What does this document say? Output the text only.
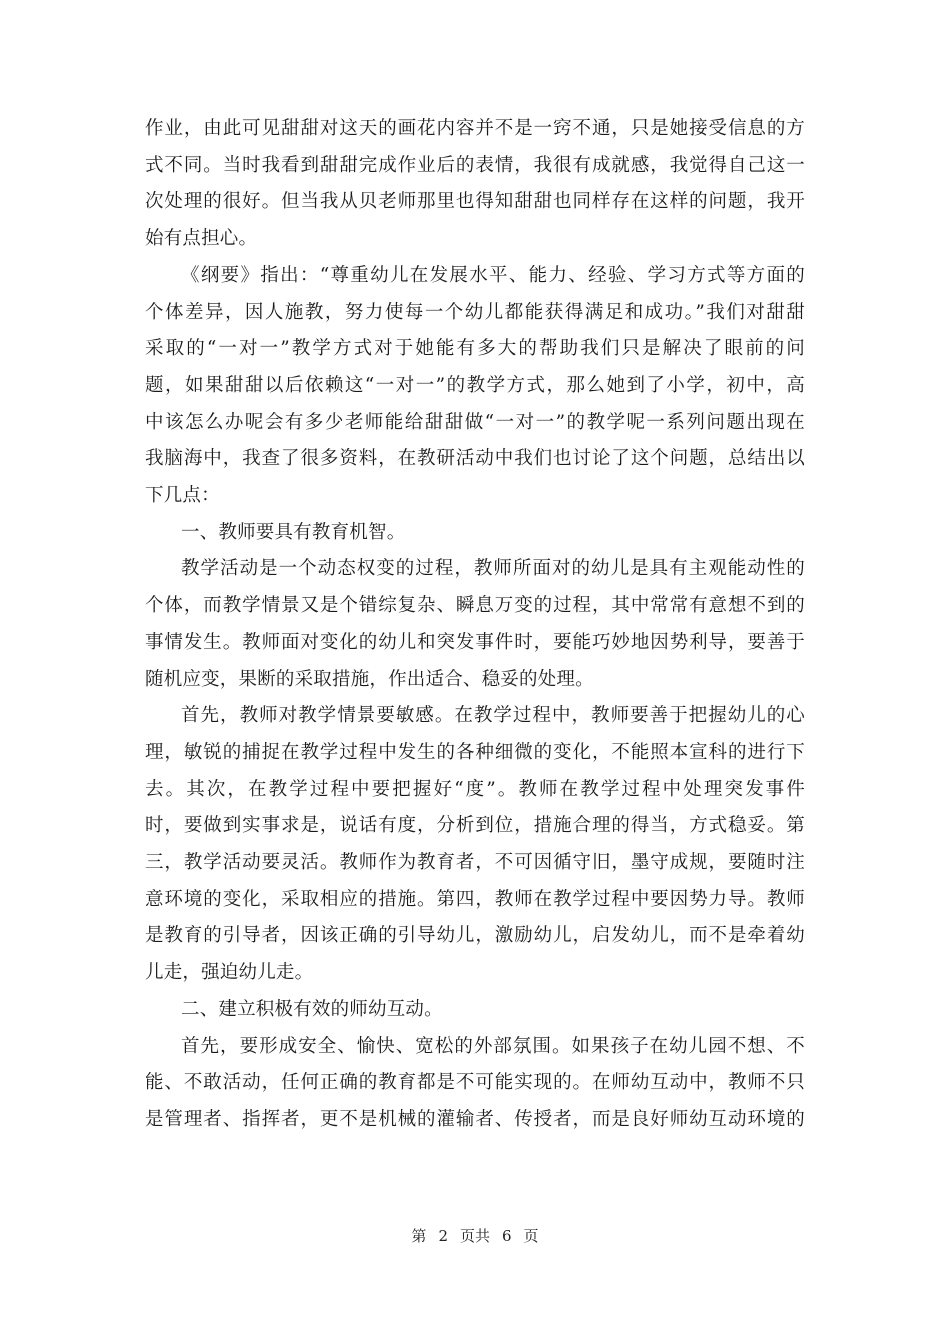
作业，由此可见甜甜对这天的画花内容并不是一窍不通，只是她接受信息的方
式不同。当时我看到甜甜完成作业后的表情，我很有成就感，我觉得自己这一
次处理的很好。但当我从贝老师那里也得知甜甜也同样存在这样的问题，我开
始有点担心。
《纲要》指出：“尊重幼儿在发展水平、能力、经验、学习方式等方面的
个体差异，因人施教，努力使每一个幼儿都能获得满足和成功。”我们对甜甜
采取的“一对一”教学方式对于她能有多大的帮助我们只是解决了眼前的问
题，如果甜甜以后依赖这“一对一”的教学方式，那么她到了小学，初中，高
中该怎么办呢会有多少老师能给甜甜做“一对一”的教学呢一系列问题出现在
我脑海中，我查了很多资料，在教研活动中我们也讨论了这个问题，总结出以
下几点：
一、教师要具有教育机智。
教学活动是一个动态权变的过程，教师所面对的幼儿是具有主观能动性的
个体，而教学情景又是个错综复杂、瞬息万变的过程，其中常常有意想不到的
事情发生。教师面对变化的幼儿和突发事件时，要能巧妙地因势利导，要善于
随机应变，果断的采取措施，作出适合、稳妥的处理。
首先，教师对教学情景要敏感。在教学过程中，教师要善于把握幼儿的心
理，敏锐的捕捉在教学过程中发生的各种细微的变化，不能照本宣科的进行下
去。其次，在教学过程中要把握好“度”。教师在教学过程中处理突发事件
时，要做到实事求是，说话有度，分析到位，措施合理的得当，方式稳妥。第
三，教学活动要灵活。教师作为教育者，不可因循守旧，墨守成规，要随时注
意环境的变化，采取相应的措施。第四，教师在教学过程中要因势力导。教师
是教育的引导者，因该正确的引导幼儿，激励幼儿，启发幼儿，而不是牵着幼
儿走，强迫幼儿走。
二、建立积极有效的师幼互动。
首先，要形成安全、愉快、宽松的外部氛围。如果孩子在幼儿园不想、不
能、不敢活动，任何正确的教育都是不可能实现的。在师幼互动中，教师不只
是管理者、指挥者，更不是机械的灌输者、传授者，而是良好师幼互动环境的
第 2 页共 6 页
